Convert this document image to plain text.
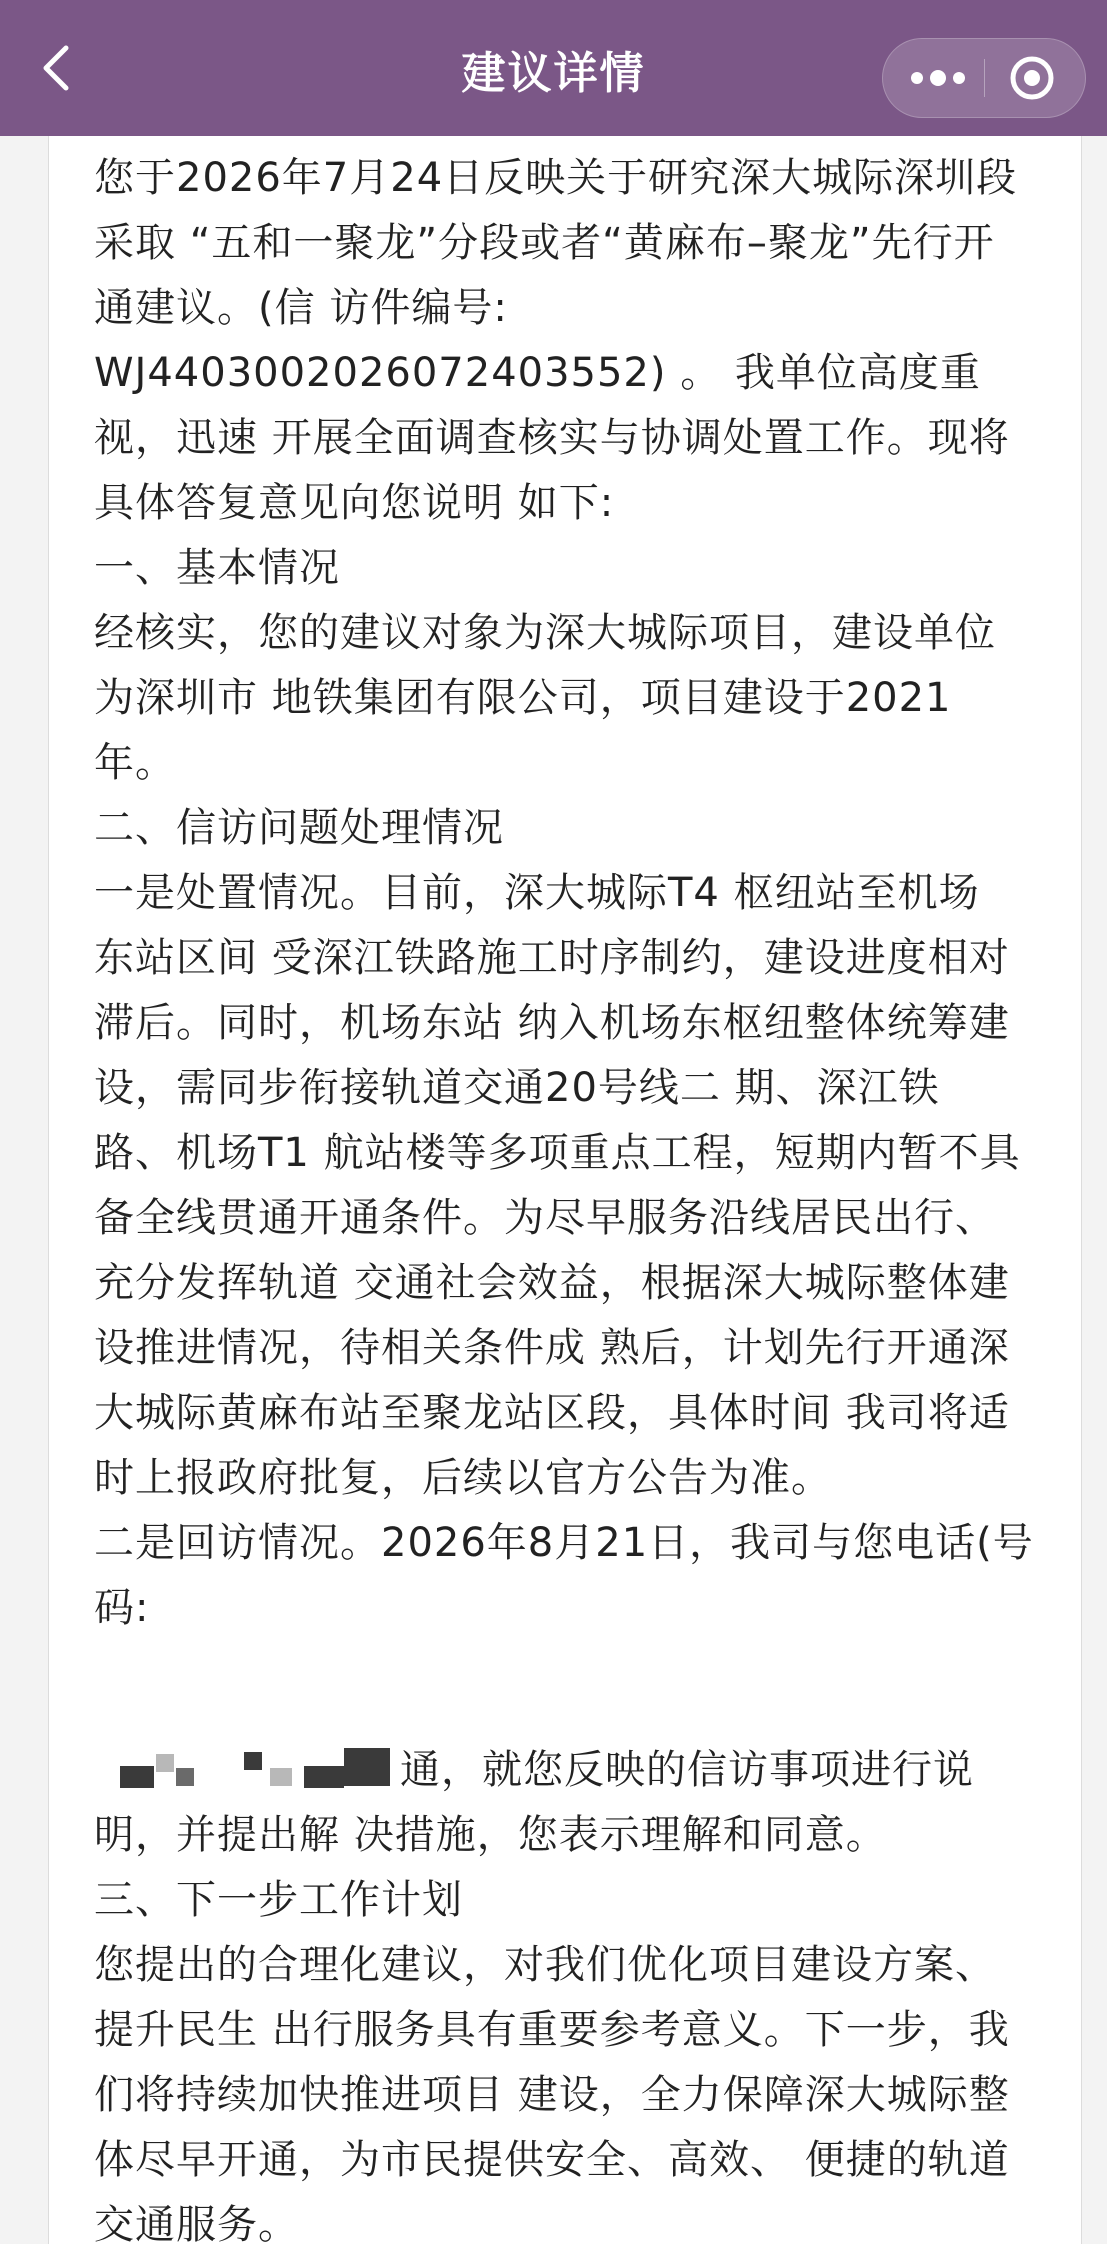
建议详情
您于2026年7月24日反映关于研究深大城际深圳段
采取 “五和一聚龙”分段或者“黄麻布–聚龙”先行开
通建议。(信 访件编号:
WJ4403002026072403552) 。 我单位高度重
视，迅速 开展全面调查核实与协调处置工作。现将
具体答复意见向您说明 如下:
一、基本情况
经核实，您的建议对象为深大城际项目，建设单位
为深圳市 地铁集团有限公司，项目建设于2021
年。
二、信访问题处理情况
一是处置情况。目前，深大城际T4 枢纽站至机场
东站区间 受深江铁路施工时序制约，建设进度相对
滞后。同时，机场东站 纳入机场东枢纽整体统筹建
设，需同步衔接轨道交通20号线二 期、深江铁
路、机场T1 航站楼等多项重点工程，短期内暂不具
备全线贯通开通条件。为尽早服务沿线居民出行、
充分发挥轨道 交通社会效益，根据深大城际整体建
设推进情况，待相关条件成 熟后，计划先行开通深
大城际黄麻布站至聚龙站区段，具体时间 我司将适
时上报政府批复，后续以官方公告为准。
二是回访情况。2026年8月21日，我司与您电话(号
码:
通，就您反映的信访事项进行说
明，并提出解 决措施，您表示理解和同意。
三、下一步工作计划
您提出的合理化建议，对我们优化项目建设方案、
提升民生 出行服务具有重要参考意义。下一步，我
们将持续加快推进项目 建设，全力保障深大城际整
体尽早开通，为市民提供安全、高效、 便捷的轨道
交通服务。
